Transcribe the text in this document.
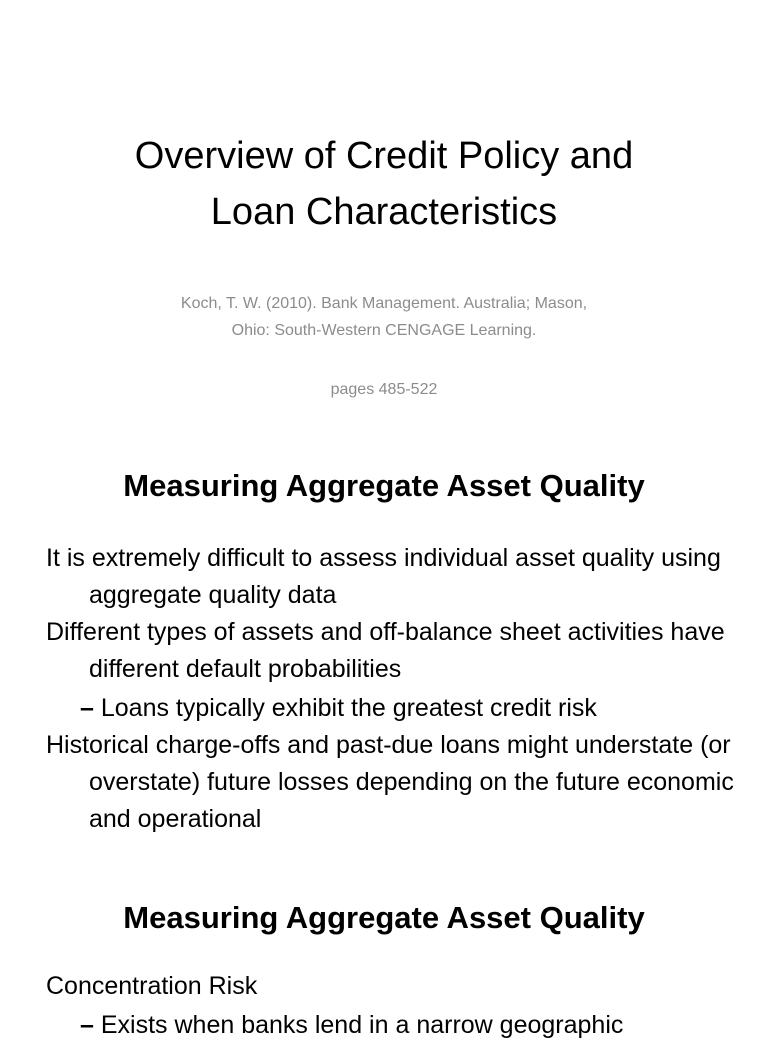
Overview of Credit Policy and
Loan Characteristics
Koch, T. W. (2010). Bank Management. Australia; Mason,
Ohio: South-Western CENGAGE Learning.
pages 485-522
Measuring Aggregate Asset Quality
It is extremely difficult to assess individual asset quality using aggregate quality data
Different types of assets and off-balance sheet activities have different default probabilities
– Loans typically exhibit the greatest credit risk
Historical charge-offs and past-due loans might understate (or overstate) future losses depending on the future economic and operational
Measuring Aggregate Asset Quality
Concentration Risk
– Exists when banks lend in a narrow geographic
